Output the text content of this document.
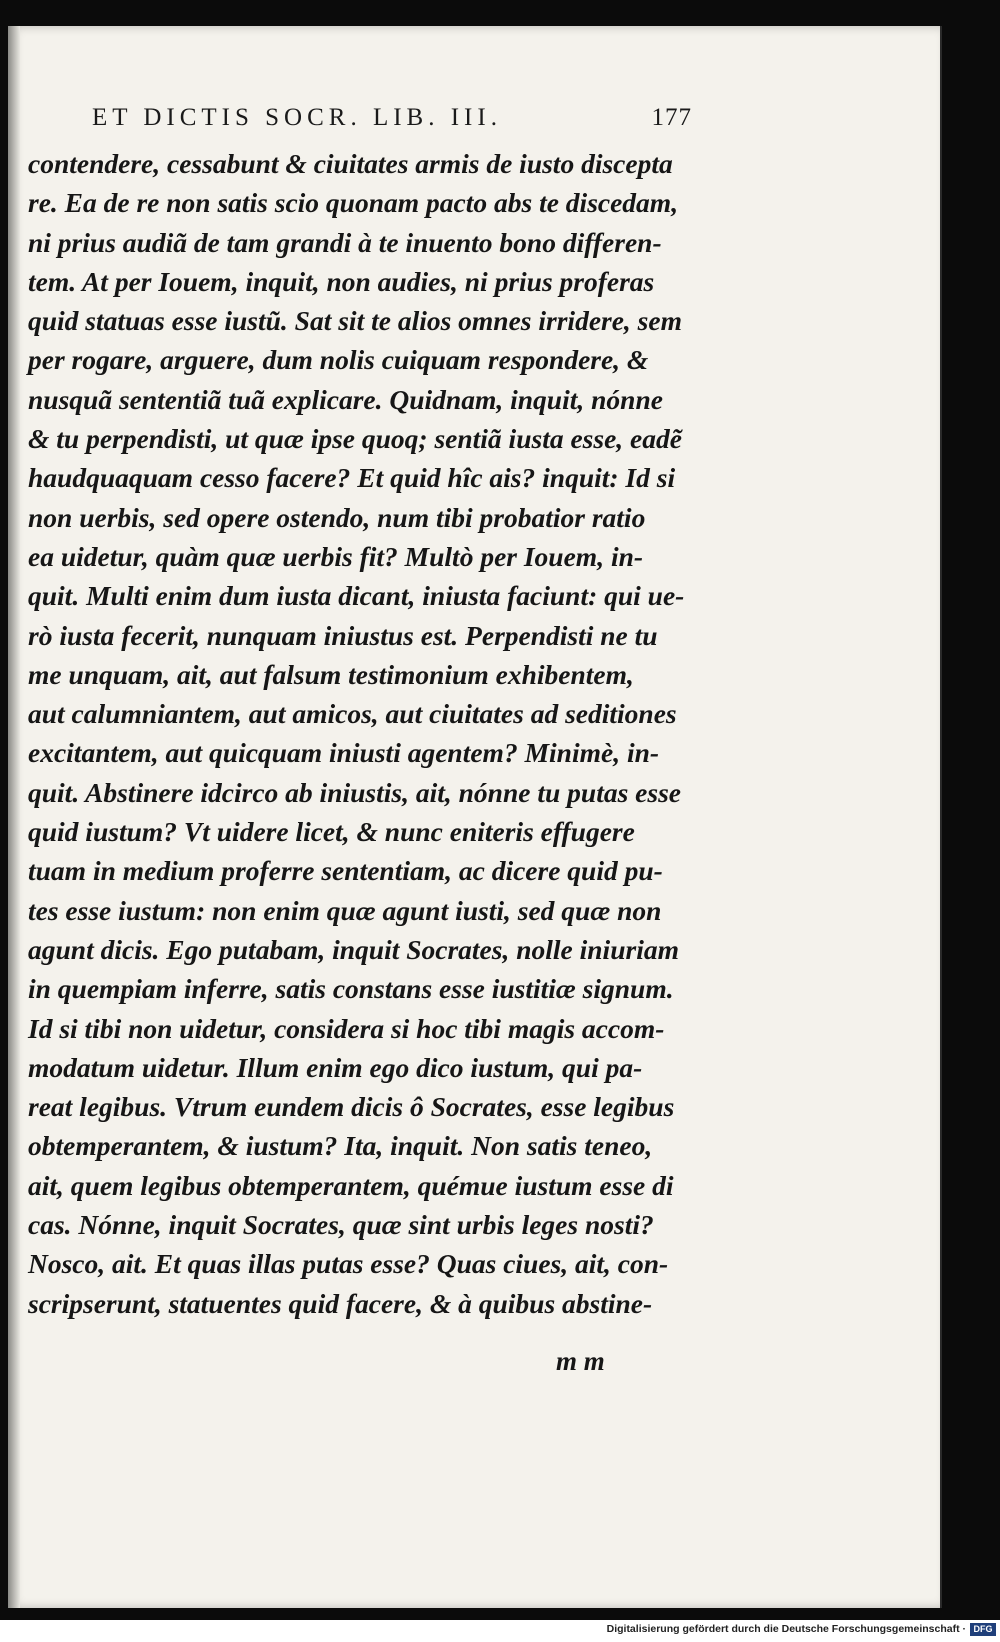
ET DICTIS SOCR. LIB. III.	177
contendere, cessabunt & ciuitates armis de iusto discepta
re. Ea de re non satis scio quonam pacto abs te discedam,
ni prius audiã de tam grandi à te inuento bono differen-
tem. At per Iouem, inquit, non audies, ni prius proferas
quid statuas esse iustũ. Sat sit te alios omnes irridere, sem
per rogare, arguere, dum nolis cuiquam respondere, &
nusquã sententiã tuã explicare. Quidnam, inquit, nónne
& tu perpendisti, ut quæ ipse quoq; sentiã iusta esse, eadẽ
haudquaquam cesso facere? Et quid hîc ais? inquit: Id si
non uerbis, sed opere ostendo, num tibi probatior ratio
ea uidetur, quàm quæ uerbis fit? Multò per Iouem, in-
quit. Multi enim dum iusta dicant, iniusta faciunt: qui ue-
rò iusta fecerit, nunquam iniustus est. Perpendisti ne tu
me unquam, ait, aut falsum testimonium exhibentem,
aut calumniantem, aut amicos, aut ciuitates ad seditiones
excitantem, aut quicquam iniusti agentem? Minimè, in-
quit. Abstinere idcirco ab iniustis, ait, nónne tu putas esse
quid iustum? Vt uidere licet, & nunc eniteris effugere
tuam in medium proferre sententiam, ac dicere quid pu-
tes esse iustum: non enim quæ agunt iusti, sed quæ non
agunt dicis. Ego putabam, inquit Socrates, nolle iniuriam
in quempiam inferre, satis constans esse iustitiæ signum.
Id si tibi non uidetur, considera si hoc tibi magis accom-
modatum uidetur. Illum enim ego dico iustum, qui pa-
reat legibus. Vtrum eundem dicis ô Socrates, esse legibus
obtemperantem, & iustum? Ita, inquit. Non satis teneo,
ait, quem legibus obtemperantem, quémue iustum esse di
cas. Nónne, inquit Socrates, quæ sint urbis leges nosti?
Nosco, ait. Et quas illas putas esse? Quas ciues, ait, con-
scripserunt, statuentes quid facere, & à quibus abstine-
m m
Digitalisierung gefördert durch die Deutsche Forschungsgemeinschaft · DFG
